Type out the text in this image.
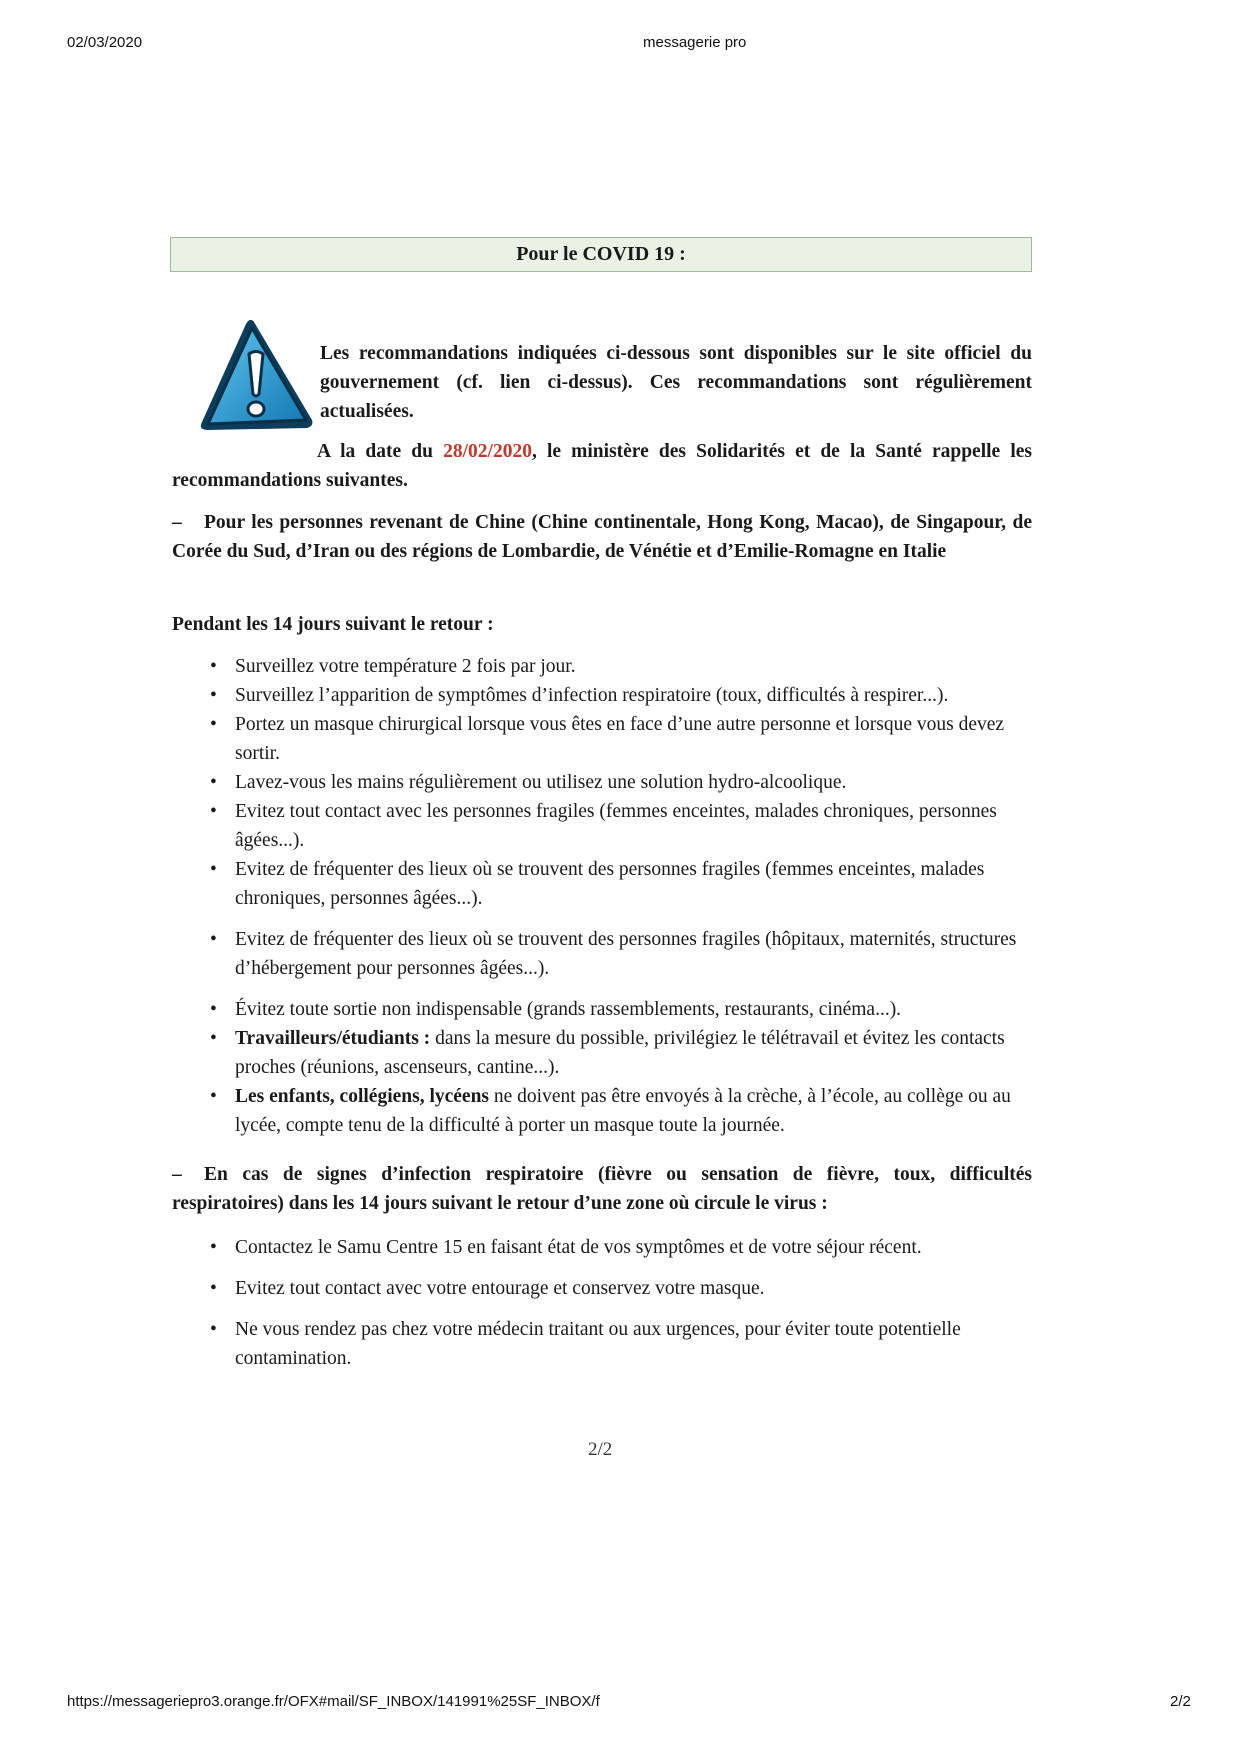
02/03/2020	messagerie pro
Pour le COVID 19 :
Les recommandations indiquées ci-dessous sont disponibles sur le site officiel du gouvernement (cf. lien ci-dessus). Ces recommandations sont régulièrement actualisées.
A la date du 28/02/2020, le ministère des Solidarités et de la Santé rappelle les recommandations suivantes.
– Pour les personnes revenant de Chine (Chine continentale, Hong Kong, Macao), de Singapour, de Corée du Sud, d’Iran ou des régions de Lombardie, de Vénétie et d’Emilie-Romagne en Italie
Pendant les 14 jours suivant le retour :
• Surveillez votre température 2 fois par jour.
• Surveillez l’apparition de symptômes d’infection respiratoire (toux, difficultés à respirer...).
• Portez un masque chirurgical lorsque vous êtes en face d’une autre personne et lorsque vous devez sortir.
• Lavez-vous les mains régulièrement ou utilisez une solution hydro-alcoolique.
• Evitez tout contact avec les personnes fragiles (femmes enceintes, malades chroniques, personnes âgées...).
• Evitez de fréquenter des lieux où se trouvent des personnes fragiles (femmes enceintes, malades chroniques, personnes âgées...).
• Evitez de fréquenter des lieux où se trouvent des personnes fragiles (hôpitaux, maternités, structures d’hébergement pour personnes âgées...).
• Évitez toute sortie non indispensable (grands rassemblements, restaurants, cinéma...).
• Travailleurs/étudiants : dans la mesure du possible, privilégiez le télétravail et évitez les contacts proches (réunions, ascenseurs, cantine...).
• Les enfants, collégiens, lycéens ne doivent pas être envoyés à la crèche, à l’école, au collège ou au lycée, compte tenu de la difficulté à porter un masque toute la journée.
– En cas de signes d’infection respiratoire (fièvre ou sensation de fièvre, toux, difficultés respiratoires) dans les 14 jours suivant le retour d’une zone où circule le virus :
• Contactez le Samu Centre 15 en faisant état de vos symptômes et de votre séjour récent.
• Evitez tout contact avec votre entourage et conservez votre masque.
• Ne vous rendez pas chez votre médecin traitant ou aux urgences, pour éviter toute potentielle contamination.
2/2
https://messageriepro3.orange.fr/OFX#mail/SF_INBOX/141991%25SF_INBOX/f	2/2
